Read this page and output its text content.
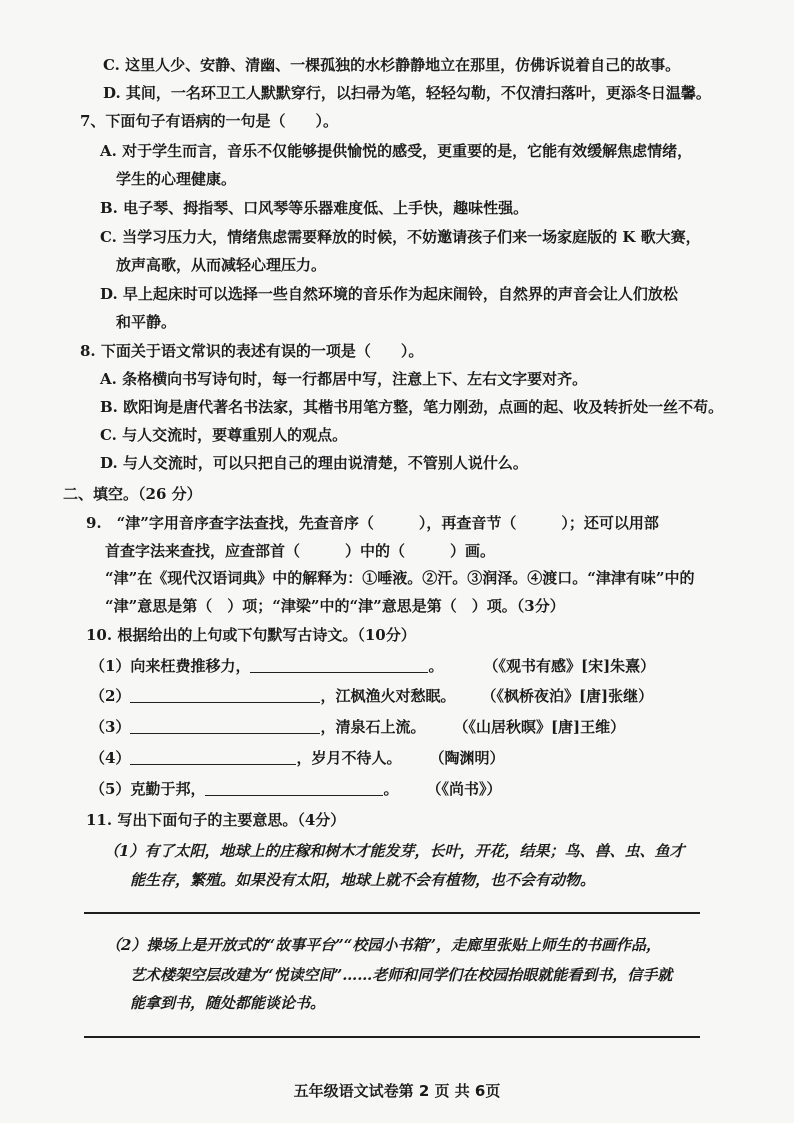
C. 这里人少、安静、清幽、一棵孤独的水杉静静地立在那里，仿佛诉说着自己的故事。
D. 其间，一名环卫工人默默穿行，以扫帚为笔，轻轻勾勒，不仅清扫落叶，更添冬日温馨。
7、下面句子有语病的一句是（　　）。
A. 对于学生而言，音乐不仅能够提供愉悦的感受，更重要的是，它能有效缓解焦虑情绪，
学生的心理健康。
B. 电子琴、拇指琴、口风琴等乐器难度低、上手快，趣味性强。
C. 当学习压力大，情绪焦虑需要释放的时候，不妨邀请孩子们来一场家庭版的 K 歌大赛，
放声高歌，从而减轻心理压力。
D. 早上起床时可以选择一些自然环境的音乐作为起床闹铃，自然界的声音会让人们放松
和平静。
8. 下面关于语文常识的表述有误的一项是（　　）。
A. 条格横向书写诗句时，每一行都居中写，注意上下、左右文字要对齐。
B. 欧阳询是唐代著名书法家，其楷书用笔方整，笔力刚劲，点画的起、收及转折处一丝不苟。
C. 与人交流时，要尊重别人的观点。
D. 与人交流时，可以只把自己的理由说清楚，不管别人说什么。
二、填空。（26 分）
9.　“津”字用音序查字法查找，先查音序（　　　），再查音节（　　　）；还可以用部
首查字法来查找，应查部首（　　　）中的（　　　）画。
“津”在《现代汉语词典》中的解释为：①唾液。②汗。③润泽。④渡口。“津津有味”中的
“津”意思是第（　）项；“津梁”中的“津”意思是第（　）项。（3分）
10. 根据给出的上句或下句默写古诗文。（10分）
（1）向来枉费推移力，	。	（《观书有感》[宋]朱熹）
（2）	，江枫渔火对愁眠。 （《枫桥夜泊》[唐]张继）
（3）	，清泉石上流。 （《山居秋暝》[唐]王维）
（4）	，岁月不待人。 （陶渊明）
（5）克勤于邦，	。 （《尚书》）
11. 写出下面句子的主要意思。（4分）
（1）有了太阳，地球上的庄稼和树木才能发芽，长叶，开花，结果；鸟、兽、虫、鱼才
能生存，繁殖。如果没有太阳，地球上就不会有植物，也不会有动物。
（2）操场上是开放式的“故事平台”“校园小书箱”，走廊里张贴上师生的书画作品，
艺术楼架空层改建为“悦读空间”……老师和同学们在校园抬眼就能看到书，信手就
能拿到书，随处都能谈论书。
五年级语文试卷第 2 页 共 6页
